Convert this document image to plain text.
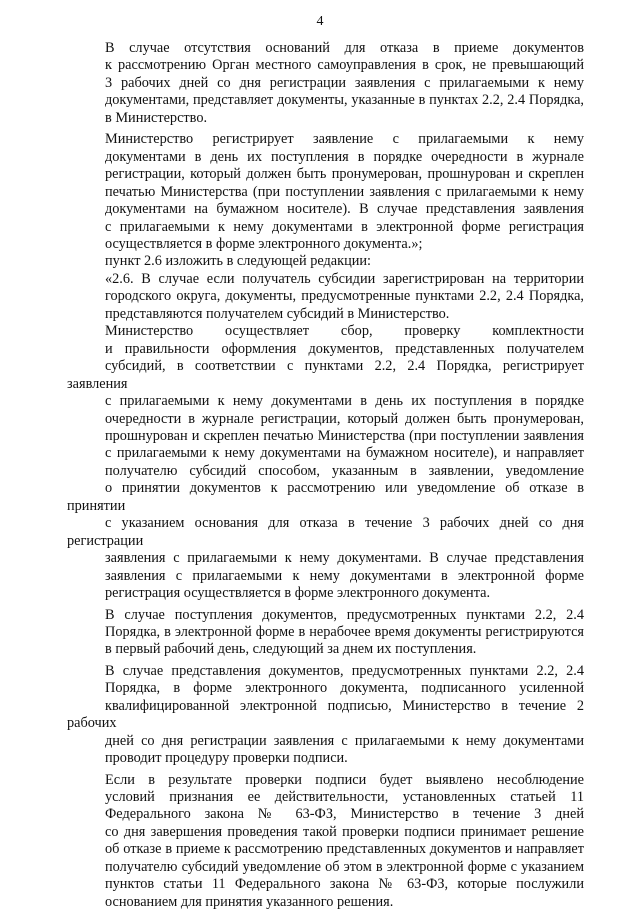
4
В случае отсутствия оснований для отказа в приеме документов
к рассмотрению Орган местного самоуправления в срок, не превышающий
3 рабочих дней со дня регистрации заявления с прилагаемыми к нему
документами, представляет документы, указанные в пунктах 2.2, 2.4 Порядка,
в Министерство.
Министерство регистрирует заявление с прилагаемыми к нему
документами в день их поступления в порядке очередности в журнале
регистрации, который должен быть пронумерован, прошнурован и скреплен
печатью Министерства (при поступлении заявления с прилагаемыми к нему
документами на бумажном носителе). В случае представления заявления
с прилагаемыми к нему документами в электронной форме регистрация
осуществляется в форме электронного документа.»;
пункт 2.6 изложить в следующей редакции:
«2.6. В случае если получатель субсидии зарегистрирован на территории
городского округа, документы, предусмотренные пунктами 2.2, 2.4 Порядка,
представляются получателем субсидий в Министерство.
Министерство осуществляет сбор, проверку комплектности
и правильности оформления документов, представленных получателем
субсидий, в соответствии с пунктами 2.2, 2.4 Порядка, регистрирует заявления
с прилагаемыми к нему документами в день их поступления в порядке
очередности в журнале регистрации, который должен быть пронумерован,
прошнурован и скреплен печатью Министерства (при поступлении заявления
с прилагаемыми к нему документами на бумажном носителе), и направляет
получателю субсидий способом, указанным в заявлении, уведомление
о принятии документов к рассмотрению или уведомление об отказе в принятии
с указанием основания для отказа в течение 3 рабочих дней со дня регистрации
заявления с прилагаемыми к нему документами. В случае представления
заявления с прилагаемыми к нему документами в электронной форме
регистрация осуществляется в форме электронного документа.
В случае поступления документов, предусмотренных пунктами 2.2, 2.4
Порядка, в электронной форме в нерабочее время документы регистрируются
в первый рабочий день, следующий за днем их поступления.
В случае представления документов, предусмотренных пунктами 2.2, 2.4
Порядка, в форме электронного документа, подписанного усиленной
квалифицированной электронной подписью, Министерство в течение 2 рабочих
дней со дня регистрации заявления с прилагаемыми к нему документами
проводит процедуру проверки подписи.
Если в результате проверки подписи будет выявлено несоблюдение
условий признания ее действительности, установленных статьей 11
Федерального закона № 63-ФЗ, Министерство в течение 3 дней
со дня завершения проведения такой проверки подписи принимает решение
об отказе в приеме к рассмотрению представленных документов и направляет
получателю субсидий уведомление об этом в электронной форме с указанием
пунктов статьи 11 Федерального закона № 63-ФЗ, которые послужили
основанием для принятия указанного решения.
